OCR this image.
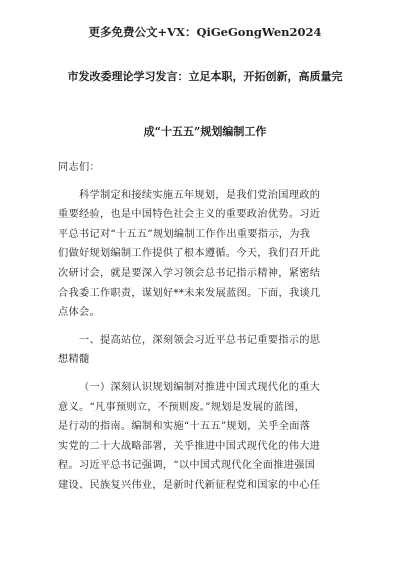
更多免费公文+VX：QiGeGongWen2024
市发改委理论学习发言：立足本职，开拓创新，高质量完
成“十五五”规划编制工作
同志们：
科学制定和接续实施五年规划，是我们党治国理政的
重要经验，也是中国特色社会主义的重要政治优势。习近
平总书记对“十五五”规划编制工作作出重要指示，为我
们做好规划编制工作提供了根本遵循。今天，我们召开此
次研讨会，就是要深入学习领会总书记指示精神，紧密结
合我委工作职责，谋划好**未来发展蓝图。下面，我谈几
点体会。
一、提高站位，深刻领会习近平总书记重要指示的思
想精髓
（一）深刻认识规划编制对推进中国式现代化的重大
意义。“凡事预则立，不预则废。”规划是发展的蓝图，
是行动的指南。编制和实施“十五五”规划，关乎全面落
实党的二十大战略部署，关乎推进中国式现代化的伟大进
程。习近平总书记强调，“以中国式现代化全面推进强国
建设、民族复兴伟业，是新时代新征程党和国家的中心任
